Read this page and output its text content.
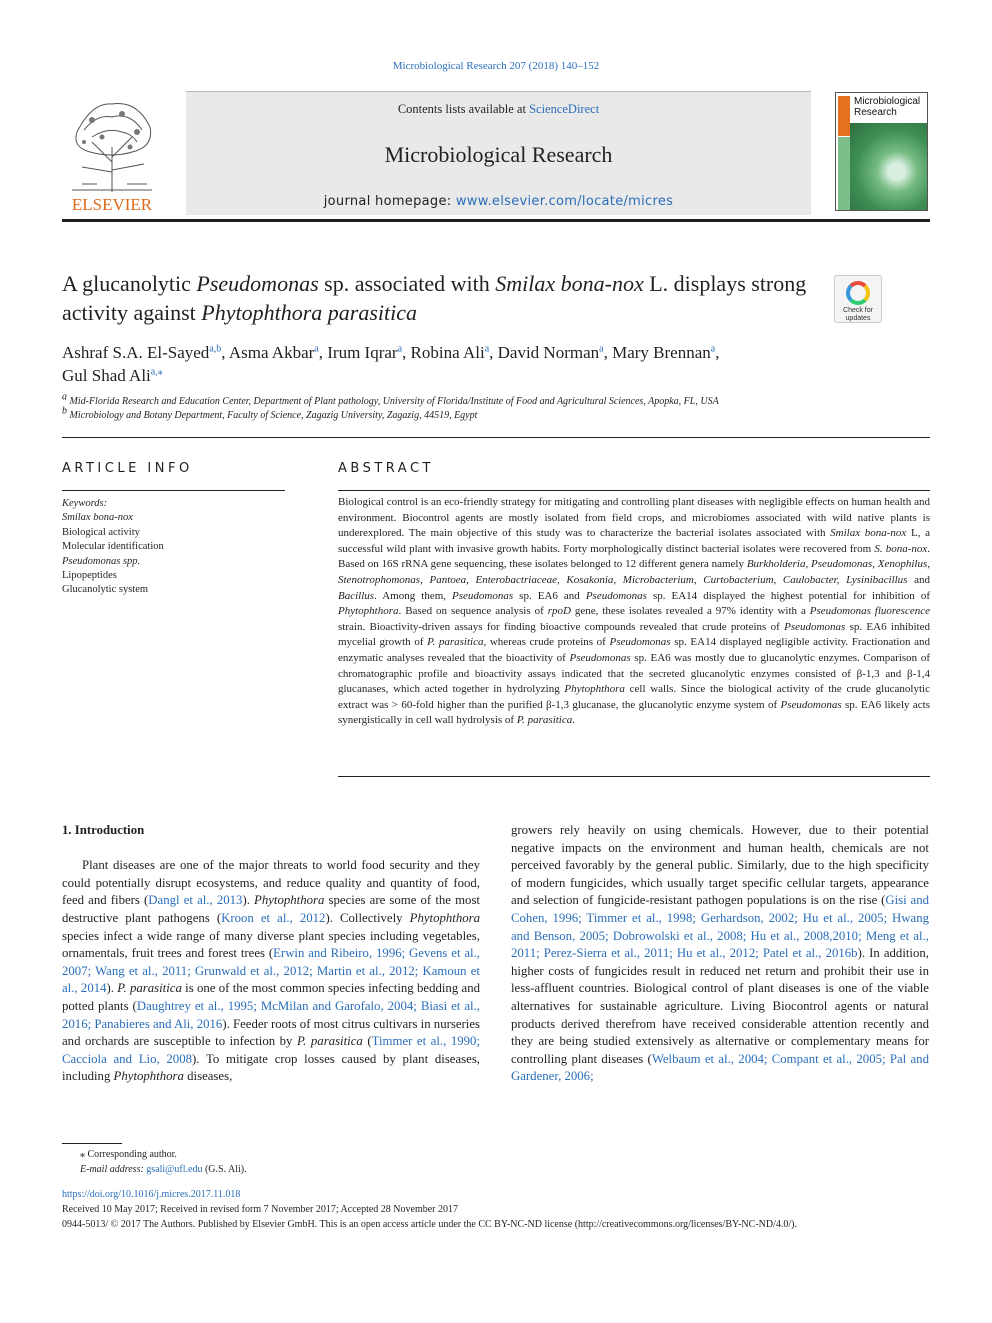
Microbiological Research 207 (2018) 140–152
ELSEVIER
Contents lists available at ScienceDirect
Microbiological Research
journal homepage: www.elsevier.com/locate/micres
Microbiological Research
A glucanolytic Pseudomonas sp. associated with Smilax bona-nox L. displays strong activity against Phytophthora parasitica	Check for updates
Ashraf S.A. El-Sayed$^{a,b}$, Asma Akbar$^a$, Irum Iqrar$^a$, Robina Ali$^a$, David Norman$^a$, Mary Brennan$^a$,
Gul Shad Ali$^{a,⁎}$
$^a$ Mid-Florida Research and Education Center, Department of Plant pathology, University of Florida/Institute of Food and Agricultural Sciences, Apopka, FL, USA
$^b$ Microbiology and Botany Department, Faculty of Science, Zagazig University, Zagazig, 44519, Egypt
ARTICLE INFO
Keywords:
Smilax bona-nox
Biological activity
Molecular identification
Pseudomonas spp.
Lipopeptides
Glucanolytic system
ABSTRACT
Biological control is an eco-friendly strategy for mitigating and controlling plant diseases with negligible effects on human health and environment. Biocontrol agents are mostly isolated from field crops, and microbiomes associated with wild native plants is underexplored. The main objective of this study was to characterize the bacterial isolates associated with Smilax bona-nox L, a successful wild plant with invasive growth habits. Forty morphologically distinct bacterial isolates were recovered from S. bona-nox. Based on 16S rRNA gene sequencing, these isolates belonged to 12 different genera namely Burkholderia, Pseudomonas, Xenophilus, Stenotrophomonas, Pantoea, Enterobactriaceae, Kosakonia, Microbacterium, Curtobacterium, Caulobacter, Lysinibacillus and Bacillus. Among them, Pseudomonas sp. EA6 and Pseudomonas sp. EA14 displayed the highest potential for inhibition of Phytophthora. Based on sequence analysis of rpoD gene, these isolates revealed a 97% identity with a Pseudomonas fluorescence strain. Bioactivity-driven assays for finding bioactive compounds revealed that crude proteins of Pseudomonas sp. EA6 inhibited mycelial growth of P. parasitica, whereas crude proteins of Pseudomonas sp. EA14 displayed negligible activity. Fractionation and enzymatic analyses revealed that the bioactivity of Pseudomonas sp. EA6 was mostly due to glucanolytic enzymes. Comparison of chromatographic profile and bioactivity assays indicated that the secreted glucanolytic enzymes consisted of β-1,3 and β-1,4 glucanases, which acted together in hydrolyzing Phytophthora cell walls. Since the biological activity of the crude glucanolytic extract was > 60-fold higher than the purified β-1,3 glucanase, the glucanolytic enzyme system of Pseudomonas sp. EA6 likely acts synergistically in cell wall hydrolysis of P. parasitica.
1. Introduction
Plant diseases are one of the major threats to world food security and they could potentially disrupt ecosystems, and reduce quality and quantity of food, feed and fibers (Dangl et al., 2013). Phytophthora species are some of the most destructive plant pathogens (Kroon et al., 2012). Collectively Phytophthora species infect a wide range of many diverse plant species including vegetables, ornamentals, fruit trees and forest trees (Erwin and Ribeiro, 1996; Gevens et al., 2007; Wang et al., 2011; Grunwald et al., 2012; Martin et al., 2012; Kamoun et al., 2014). P. parasitica is one of the most common species infecting bedding and potted plants (Daughtrey et al., 1995; McMilan and Garofalo, 2004; Biasi et al., 2016; Panabieres and Ali, 2016). Feeder roots of most citrus cultivars in nurseries and orchards are susceptible to infection by P. parasitica (Timmer et al., 1990; Cacciola and Lio, 2008). To mitigate crop losses caused by plant diseases, including Phytophthora diseases,
growers rely heavily on using chemicals. However, due to their potential negative impacts on the environment and human health, chemicals are not perceived favorably by the general public. Similarly, due to the high specificity of modern fungicides, which usually target specific cellular targets, appearance and selection of fungicide-resistant pathogen populations is on the rise (Gisi and Cohen, 1996; Timmer et al., 1998; Gerhardson, 2002; Hu et al., 2005; Hwang and Benson, 2005; Dobrowolski et al., 2008; Hu et al., 2008,2010; Meng et al., 2011; Perez-Sierra et al., 2011; Hu et al., 2012; Patel et al., 2016b). In addition, higher costs of fungicides result in reduced net return and prohibit their use in less-affluent countries. Biological control of plant diseases is one of the viable alternatives for sustainable agriculture. Living Biocontrol agents or natural products derived therefrom have received considerable attention recently and they are being studied extensively as alternative or complementary means for controlling plant diseases (Welbaum et al., 2004; Compant et al., 2005; Pal and Gardener, 2006;
⁎ Corresponding author.
E-mail address: gsali@ufl.edu (G.S. Ali).
https://doi.org/10.1016/j.micres.2017.11.018
Received 10 May 2017; Received in revised form 7 November 2017; Accepted 28 November 2017
0944-5013/ © 2017 The Authors. Published by Elsevier GmbH. This is an open access article under the CC BY-NC-ND license (http://creativecommons.org/licenses/BY-NC-ND/4.0/).
